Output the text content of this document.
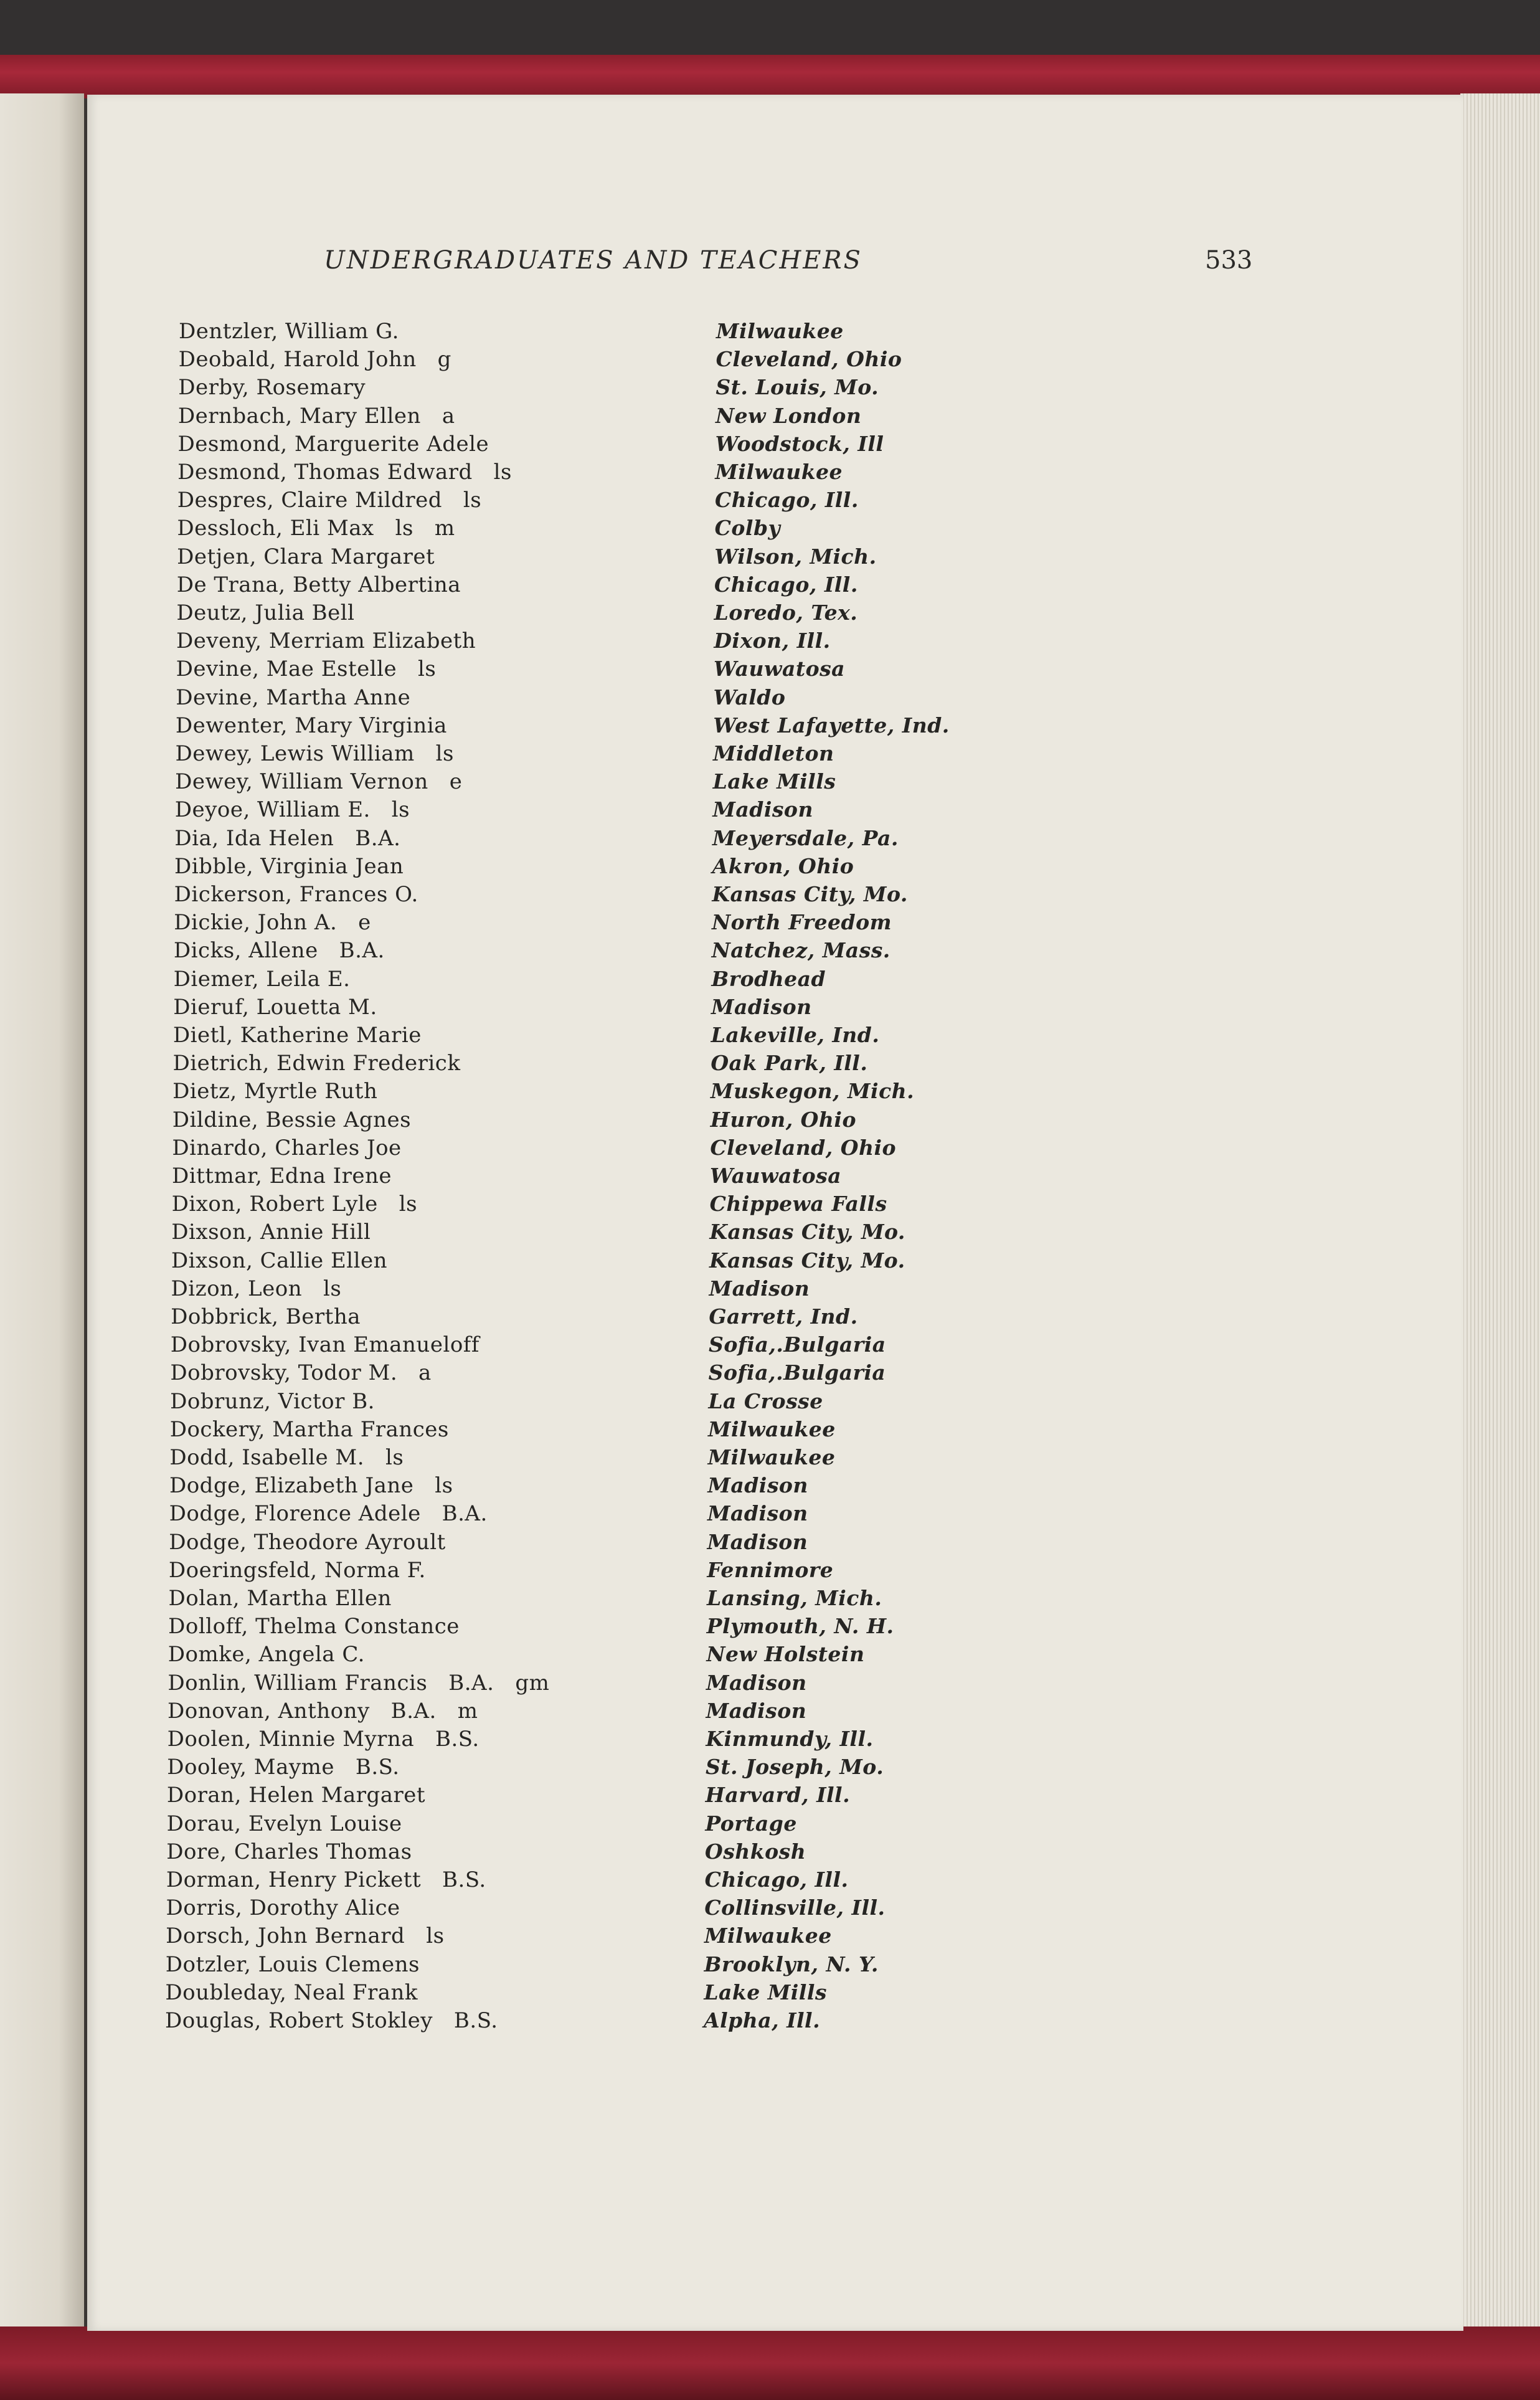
UNDERGRADUATES AND TEACHERS	533
Dentzler, William G.	Milwaukee
Deobald, Harold John   g	Cleveland, Ohio
Derby, Rosemary	St. Louis, Mo.
Dernbach, Mary Ellen   a	New London
Desmond, Marguerite Adele	Woodstock, Ill
Desmond, Thomas Edward   ls	Milwaukee
Despres, Claire Mildred   ls	Chicago, Ill.
Dessloch, Eli Max   ls   m	Colby
Detjen, Clara Margaret	Wilson, Mich.
De Trana, Betty Albertina	Chicago, Ill.
Deutz, Julia Bell	Loredo, Tex.
Deveny, Merriam Elizabeth	Dixon, Ill.
Devine, Mae Estelle   ls	Wauwatosa
Devine, Martha Anne	Waldo
Dewenter, Mary Virginia	West Lafayette, Ind.
Dewey, Lewis William   ls	Middleton
Dewey, William Vernon   e	Lake Mills
Deyoe, William E.   ls	Madison
Dia, Ida Helen   B.A.	Meyersdale, Pa.
Dibble, Virginia Jean	Akron, Ohio
Dickerson, Frances O.	Kansas City, Mo.
Dickie, John A.   e	North Freedom
Dicks, Allene   B.A.	Natchez, Mass.
Diemer, Leila E.	Brodhead
Dieruf, Louetta M.	Madison
Dietl, Katherine Marie	Lakeville, Ind.
Dietrich, Edwin Frederick	Oak Park, Ill.
Dietz, Myrtle Ruth	Muskegon, Mich.
Dildine, Bessie Agnes	Huron, Ohio
Dinardo, Charles Joe	Cleveland, Ohio
Dittmar, Edna Irene	Wauwatosa
Dixon, Robert Lyle   ls	Chippewa Falls
Dixson, Annie Hill	Kansas City, Mo.
Dixson, Callie Ellen	Kansas City, Mo.
Dizon, Leon   ls	Madison
Dobbrick, Bertha	Garrett, Ind.
Dobrovsky, Ivan Emanueloff	Sofia,.Bulgaria
Dobrovsky, Todor M.   a	Sofia,.Bulgaria
Dobrunz, Victor B.	La Crosse
Dockery, Martha Frances	Milwaukee
Dodd, Isabelle M.   ls	Milwaukee
Dodge, Elizabeth Jane   ls	Madison
Dodge, Florence Adele   B.A.	Madison
Dodge, Theodore Ayroult	Madison
Doeringsfeld, Norma F.	Fennimore
Dolan, Martha Ellen	Lansing, Mich.
Dolloff, Thelma Constance	Plymouth, N. H.
Domke, Angela C.	New Holstein
Donlin, William Francis   B.A.   gm	Madison
Donovan, Anthony   B.A.   m	Madison
Doolen, Minnie Myrna   B.S.	Kinmundy, Ill.
Dooley, Mayme   B.S.	St. Joseph, Mo.
Doran, Helen Margaret	Harvard, Ill.
Dorau, Evelyn Louise	Portage
Dore, Charles Thomas	Oshkosh
Dorman, Henry Pickett   B.S.	Chicago, Ill.
Dorris, Dorothy Alice	Collinsville, Ill.
Dorsch, John Bernard   ls	Milwaukee
Dotzler, Louis Clemens	Brooklyn, N. Y.
Doubleday, Neal Frank	Lake Mills
Douglas, Robert Stokley   B.S.	Alpha, Ill.
